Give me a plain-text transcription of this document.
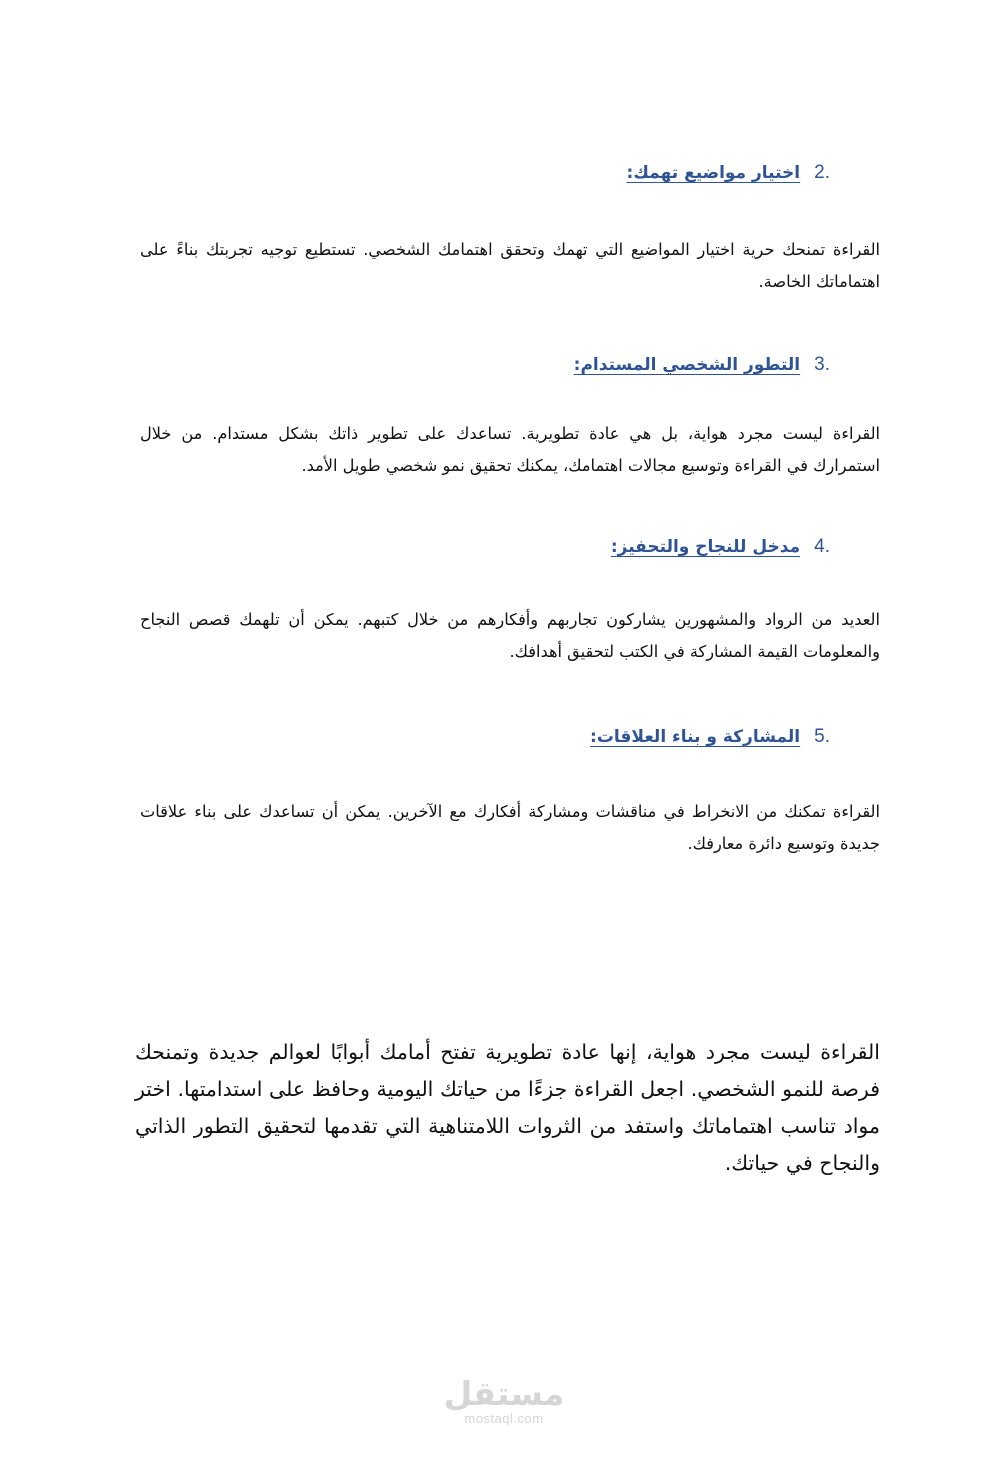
2.
اختيار مواضيع تهمك:

القراءة تمنحك حرية اختيار المواضيع التي تهمك وتحقق اهتمامك الشخصي. تستطيع توجيه تجربتك بناءً على اهتماماتك الخاصة.

3.
التطور الشخصي المستدام:

القراءة ليست مجرد هواية، بل هي عادة تطويرية. تساعدك على تطوير ذاتك بشكل مستدام. من خلال استمرارك في القراءة وتوسيع مجالات اهتمامك، يمكنك تحقيق نمو شخصي طويل الأمد.

4.
مدخل للنجاح والتحفيز:

العديد من الرواد والمشهورين يشاركون تجاربهم وأفكارهم من خلال كتبهم. يمكن أن تلهمك قصص النجاح والمعلومات القيمة المشاركة في الكتب لتحقيق أهدافك.

5.
المشاركة و بناء العلاقات:

القراءة تمكنك من الانخراط في مناقشات ومشاركة أفكارك مع الآخرين. يمكن أن تساعدك على بناء علاقات جديدة وتوسيع دائرة معارفك.

القراءة ليست مجرد هواية، إنها عادة تطويرية تفتح أمامك أبوابًا لعوالم جديدة وتمنحك فرصة للنمو الشخصي. اجعل القراءة جزءًا من حياتك اليومية وحافظ على استدامتها. اختر مواد تناسب اهتماماتك واستفد من الثروات اللامتناهية التي تقدمها لتحقيق التطور الذاتي والنجاح في حياتك.

مستقل
mostaql.com
